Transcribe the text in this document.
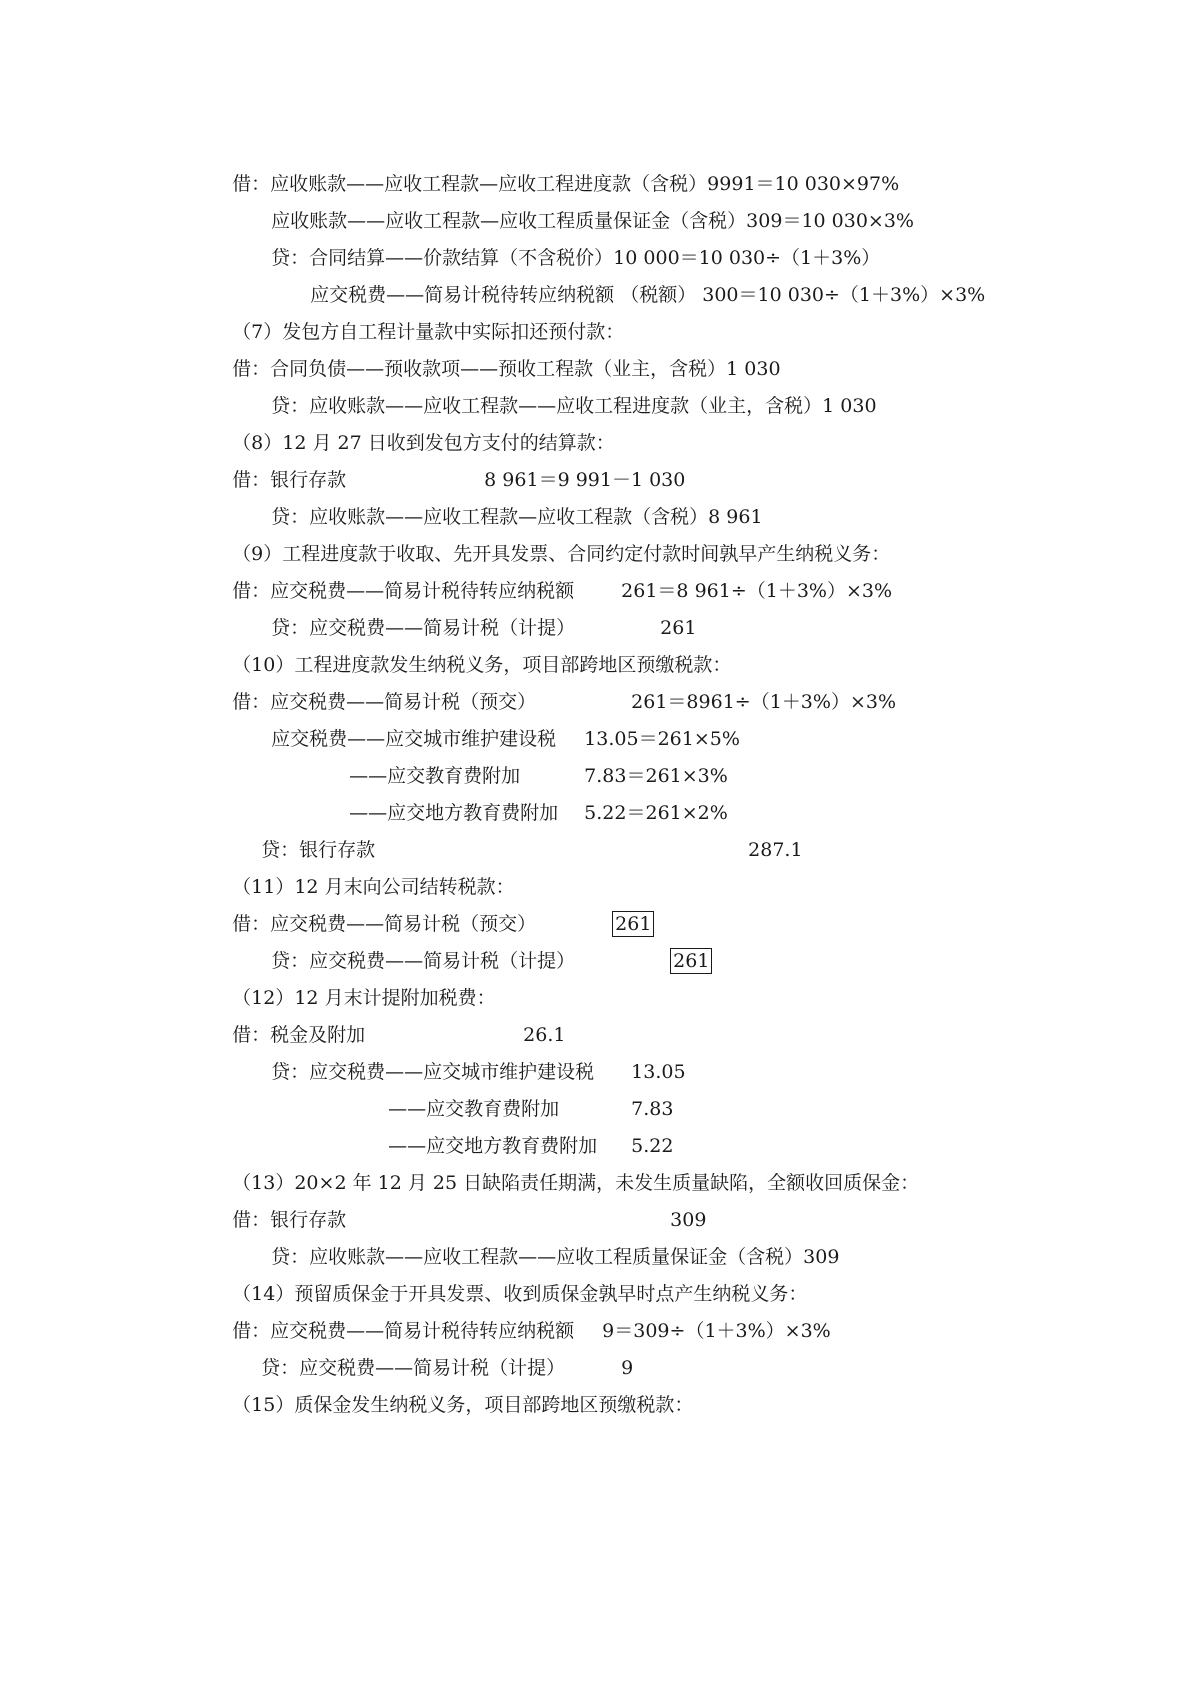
借：应收账款——应收工程款—应收工程进度款（含税）9991＝10 030×97%

应收账款——应收工程款—应收工程质量保证金（含税）309＝10 030×3%

贷：合同结算——价款结算（不含税价）10 000＝10 030÷（1＋3%）

应交税费——简易计税待转应纳税额 （税额） 300＝10 030÷（1＋3%）×3%

（7）发包方自工程计量款中实际扣还预付款：

借：合同负债——预收款项——预收工程款（业主，含税）1 030

贷：应收账款——应收工程款——应收工程进度款（业主，含税）1 030

（8）12 月 27 日收到发包方支付的结算款：

借：银行存款
	8 961＝9 991－1 030

贷：应收账款——应收工程款—应收工程款（含税）8 961

（9）工程进度款于收取、先开具发票、合同约定付款时间孰早产生纳税义务：

借：应交税费——简易计税待转应纳税额
	261＝8 961÷（1＋3%）×3%

贷：应交税费——简易计税（计提）
	261

（10）工程进度款发生纳税义务，项目部跨地区预缴税款：

借：应交税费——简易计税（预交）
	261＝8961÷（1＋3%）×3%

应交税费——应交城市维护建设税
	13.05＝261×5%

——应交教育费附加
	7.83＝261×3%

——应交地方教育费附加
	5.22＝261×2%

贷：银行存款
	287.1

（11）12 月末向公司结转税款：

借：应交税费——简易计税（预交）
	261

贷：应交税费——简易计税（计提）
	261

（12）12 月末计提附加税费：

借：税金及附加
	26.1

贷：应交税费——应交城市维护建设税
	13.05

——应交教育费附加
	7.83

——应交地方教育费附加
	5.22

（13）20×2 年 12 月 25 日缺陷责任期满，未发生质量缺陷，全额收回质保金：

借：银行存款
	309

贷：应收账款——应收工程款——应收工程质量保证金（含税）309

（14）预留质保金于开具发票、收到质保金孰早时点产生纳税义务：

借：应交税费——简易计税待转应纳税额
	9＝309÷（1＋3%）×3%

贷：应交税费——简易计税（计提）
	9

（15）质保金发生纳税义务，项目部跨地区预缴税款：
